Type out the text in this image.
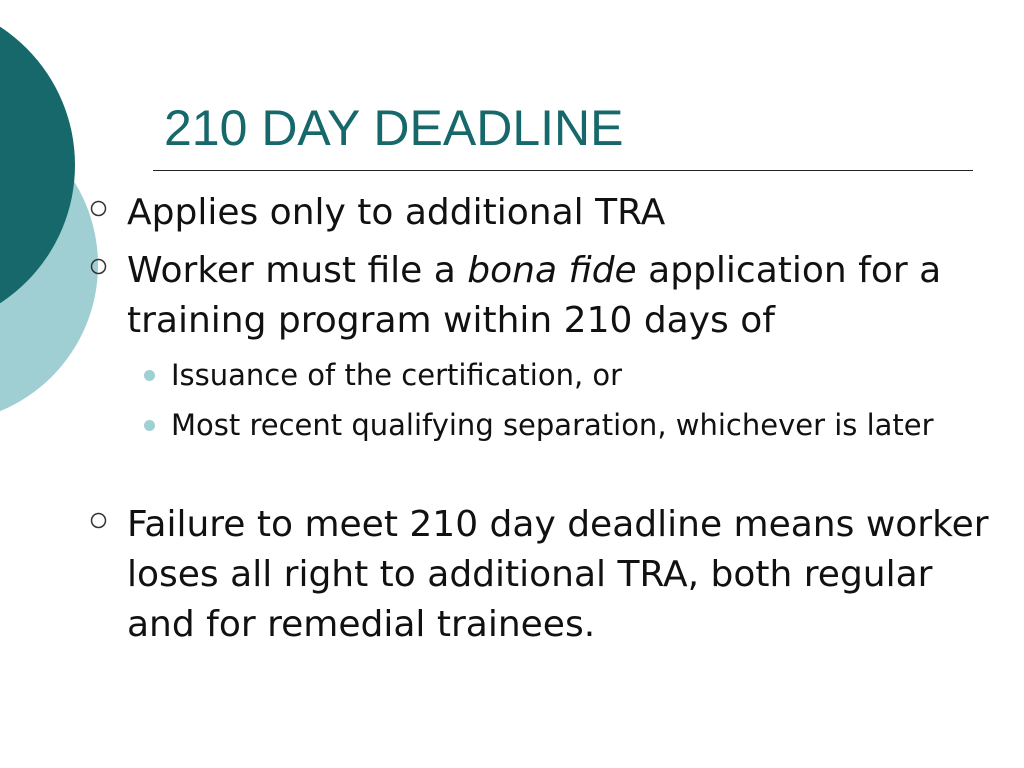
210 DAY DEADLINE
Applies only to additional TRA
Worker must file a bona fide application for a training program within 210 days of
Issuance of the certification, or
Most recent qualifying separation, whichever is later
Failure to meet 210 day deadline means worker loses all right to additional TRA, both regular and for remedial trainees.
